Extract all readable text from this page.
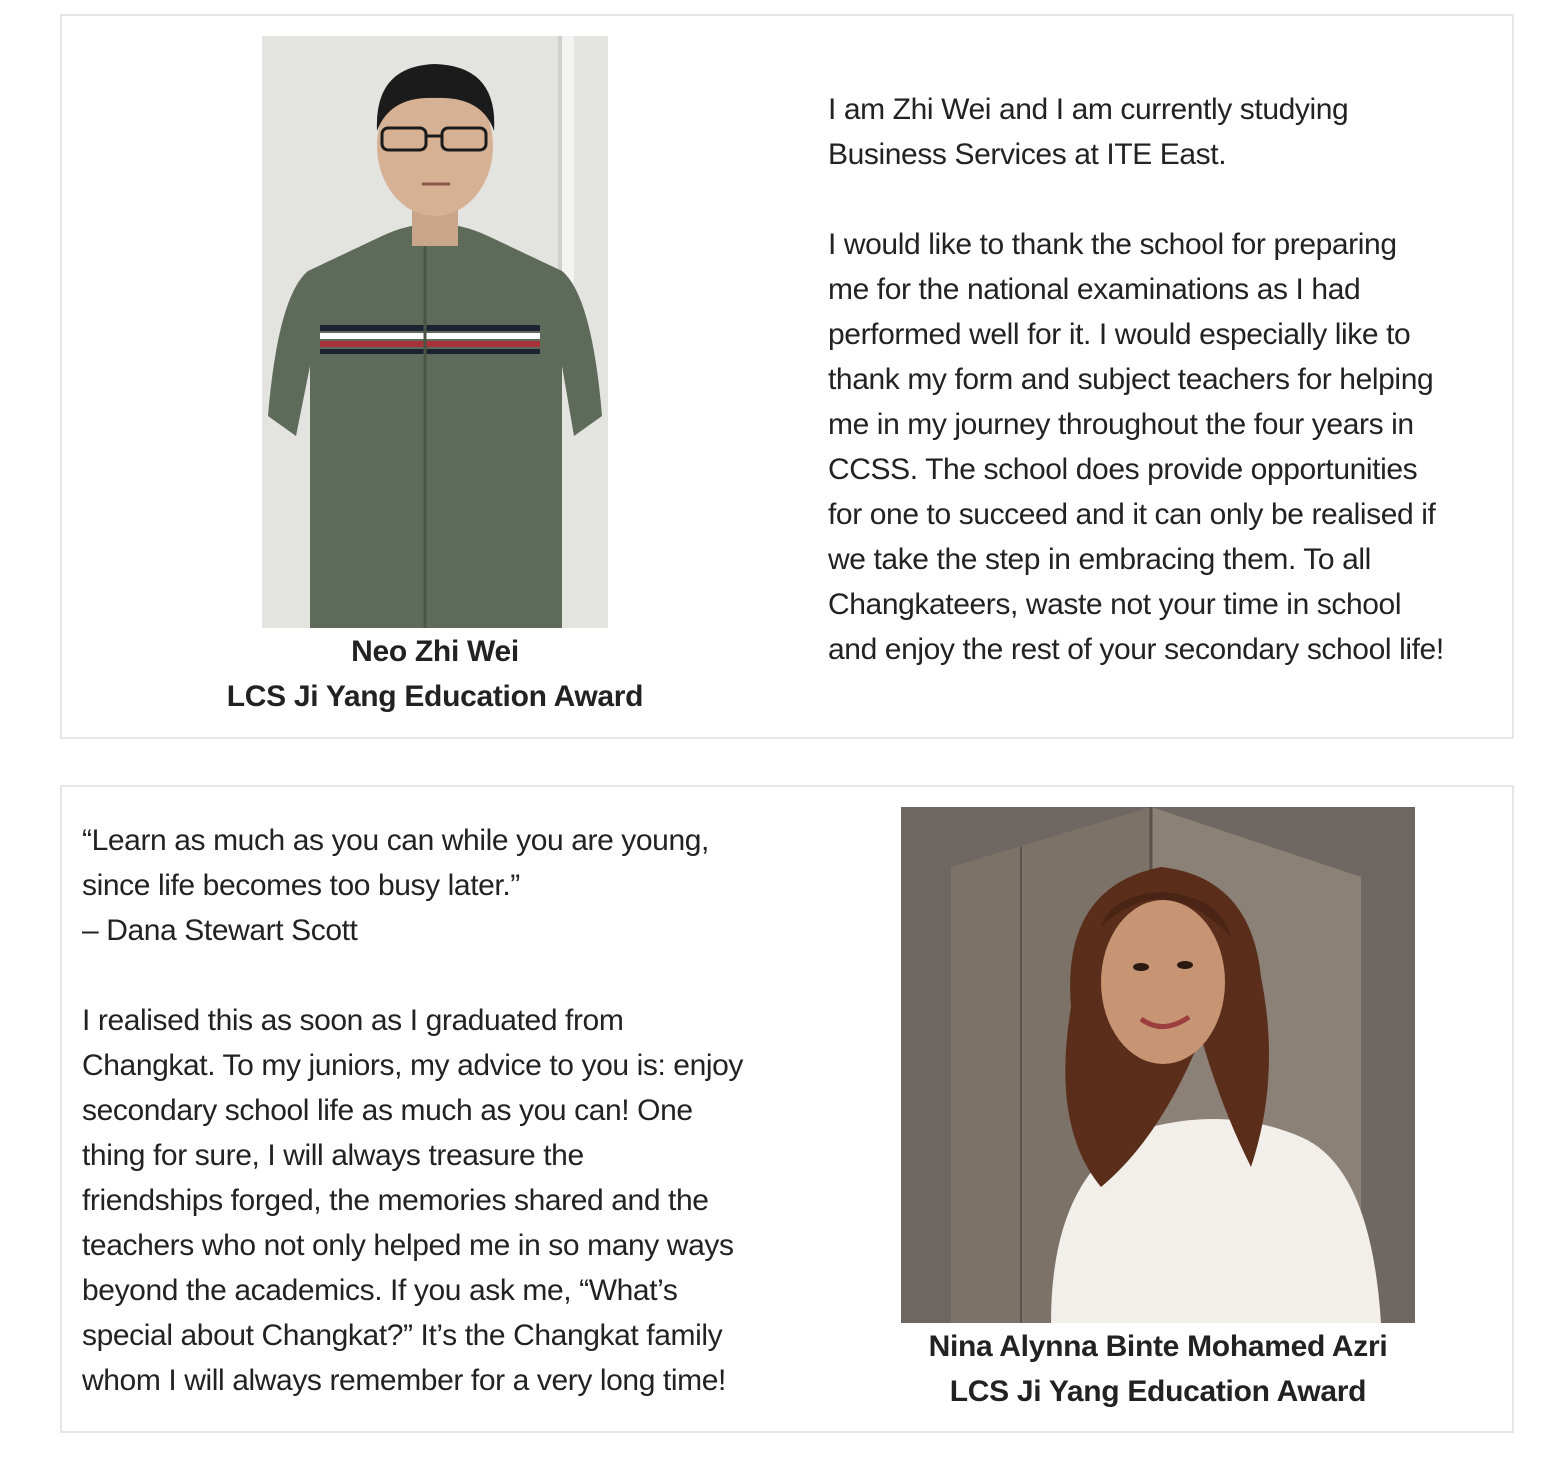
Neo Zhi Wei
LCS Ji Yang Education Award

I am Zhi Wei and I am currently studying
Business Services at ITE East.

I would like to thank the school for preparing
me for the national examinations as I had
performed well for it. I would especially like to
thank my form and subject teachers for helping
me in my journey throughout the four years in
CCSS. The school does provide opportunities
for one to succeed and it can only be realised if
we take the step in embracing them. To all
Changkateers, waste not your time in school
and enjoy the rest of your secondary school life!

“Learn as much as you can while you are young,
since life becomes too busy later.”
– Dana Stewart Scott

I realised this as soon as I graduated from
Changkat. To my juniors, my advice to you is: enjoy
secondary school life as much as you can! One
thing for sure, I will always treasure the
friendships forged, the memories shared and the
teachers who not only helped me in so many ways
beyond the academics. If you ask me, “What’s
special about Changkat?” It’s the Changkat family
whom I will always remember for a very long time!

Nina Alynna Binte Mohamed Azri
LCS Ji Yang Education Award
